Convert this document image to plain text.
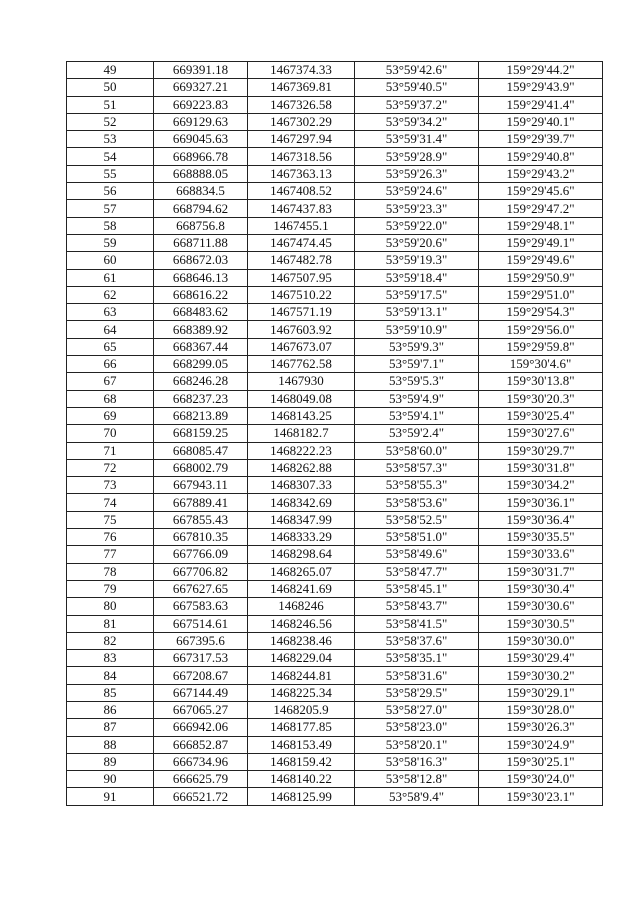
49	669391.18	1467374.33	53°59'42.6"	159°29'44.2"
50	669327.21	1467369.81	53°59'40.5"	159°29'43.9"
51	669223.83	1467326.58	53°59'37.2"	159°29'41.4"
52	669129.63	1467302.29	53°59'34.2"	159°29'40.1"
53	669045.63	1467297.94	53°59'31.4"	159°29'39.7"
54	668966.78	1467318.56	53°59'28.9"	159°29'40.8"
55	668888.05	1467363.13	53°59'26.3"	159°29'43.2"
56	668834.5	1467408.52	53°59'24.6"	159°29'45.6"
57	668794.62	1467437.83	53°59'23.3"	159°29'47.2"
58	668756.8	1467455.1	53°59'22.0"	159°29'48.1"
59	668711.88	1467474.45	53°59'20.6"	159°29'49.1"
60	668672.03	1467482.78	53°59'19.3"	159°29'49.6"
61	668646.13	1467507.95	53°59'18.4"	159°29'50.9"
62	668616.22	1467510.22	53°59'17.5"	159°29'51.0"
63	668483.62	1467571.19	53°59'13.1"	159°29'54.3"
64	668389.92	1467603.92	53°59'10.9"	159°29'56.0"
65	668367.44	1467673.07	53°59'9.3"	159°29'59.8"
66	668299.05	1467762.58	53°59'7.1"	159°30'4.6"
67	668246.28	1467930	53°59'5.3"	159°30'13.8"
68	668237.23	1468049.08	53°59'4.9"	159°30'20.3"
69	668213.89	1468143.25	53°59'4.1"	159°30'25.4"
70	668159.25	1468182.7	53°59'2.4"	159°30'27.6"
71	668085.47	1468222.23	53°58'60.0"	159°30'29.7"
72	668002.79	1468262.88	53°58'57.3"	159°30'31.8"
73	667943.11	1468307.33	53°58'55.3"	159°30'34.2"
74	667889.41	1468342.69	53°58'53.6"	159°30'36.1"
75	667855.43	1468347.99	53°58'52.5"	159°30'36.4"
76	667810.35	1468333.29	53°58'51.0"	159°30'35.5"
77	667766.09	1468298.64	53°58'49.6"	159°30'33.6"
78	667706.82	1468265.07	53°58'47.7"	159°30'31.7"
79	667627.65	1468241.69	53°58'45.1"	159°30'30.4"
80	667583.63	1468246	53°58'43.7"	159°30'30.6"
81	667514.61	1468246.56	53°58'41.5"	159°30'30.5"
82	667395.6	1468238.46	53°58'37.6"	159°30'30.0"
83	667317.53	1468229.04	53°58'35.1"	159°30'29.4"
84	667208.67	1468244.81	53°58'31.6"	159°30'30.2"
85	667144.49	1468225.34	53°58'29.5"	159°30'29.1"
86	667065.27	1468205.9	53°58'27.0"	159°30'28.0"
87	666942.06	1468177.85	53°58'23.0"	159°30'26.3"
88	666852.87	1468153.49	53°58'20.1"	159°30'24.9"
89	666734.96	1468159.42	53°58'16.3"	159°30'25.1"
90	666625.79	1468140.22	53°58'12.8"	159°30'24.0"
91	666521.72	1468125.99	53°58'9.4"	159°30'23.1"
